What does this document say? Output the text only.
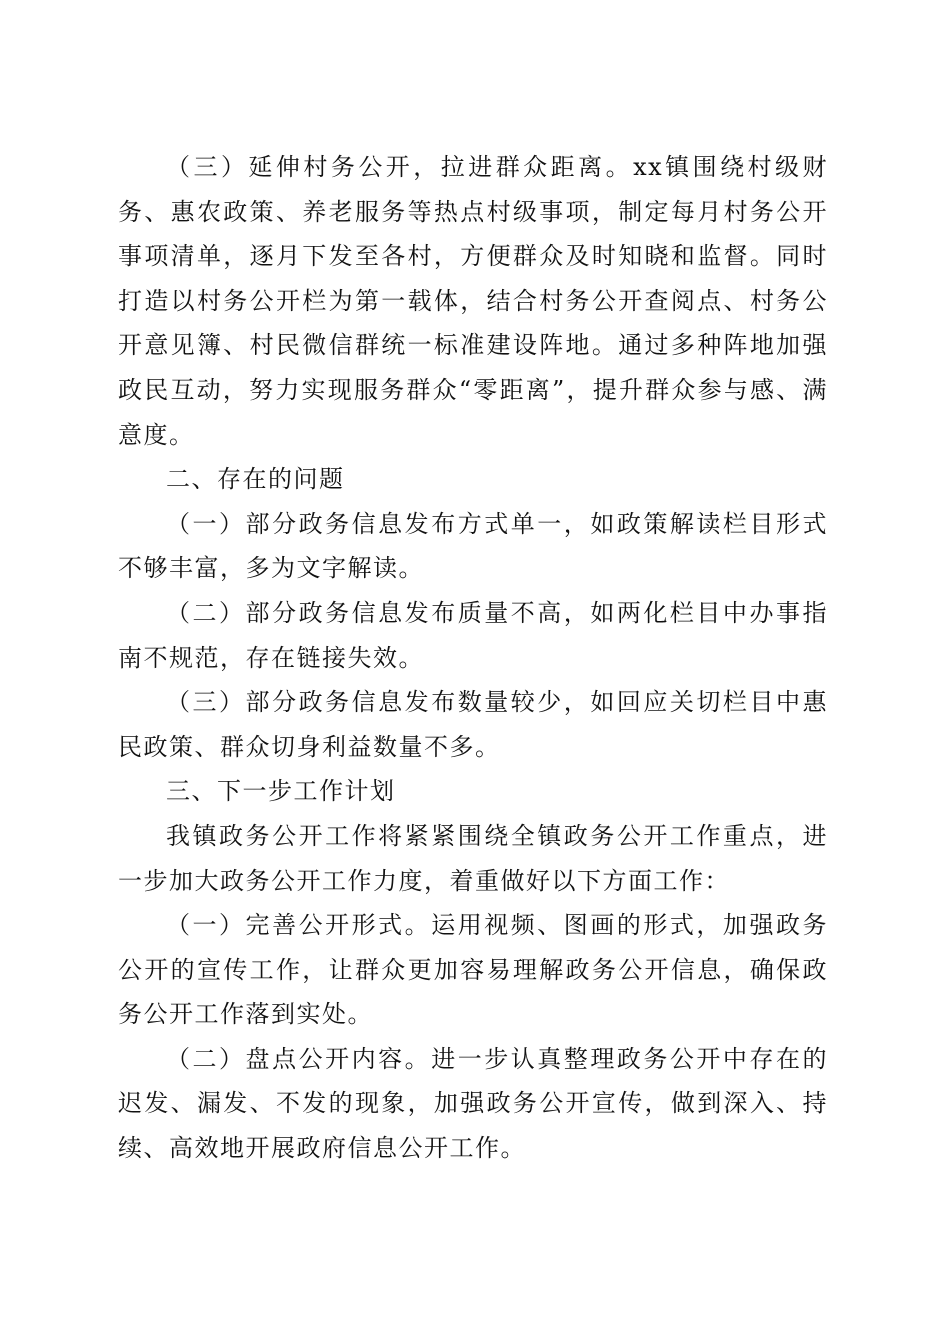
（三）延伸村务公开，拉进群众距离。xx镇围绕村级财务、惠农政策、养老服务等热点村级事项，制定每月村务公开事项清单，逐月下发至各村，方便群众及时知晓和监督。同时打造以村务公开栏为第一载体，结合村务公开查阅点、村务公开意见簿、村民微信群统一标准建设阵地。通过多种阵地加强政民互动，努力实现服务群众“零距离”，提升群众参与感、满意度。

二、存在的问题

（一）部分政务信息发布方式单一，如政策解读栏目形式不够丰富，多为文字解读。

（二）部分政务信息发布质量不高，如两化栏目中办事指南不规范，存在链接失效。

（三）部分政务信息发布数量较少，如回应关切栏目中惠民政策、群众切身利益数量不多。

三、下一步工作计划

我镇政务公开工作将紧紧围绕全镇政务公开工作重点，进一步加大政务公开工作力度，着重做好以下方面工作：

（一）完善公开形式。运用视频、图画的形式，加强政务公开的宣传工作，让群众更加容易理解政务公开信息，确保政务公开工作落到实处。

（二）盘点公开内容。进一步认真整理政务公开中存在的迟发、漏发、不发的现象，加强政务公开宣传，做到深入、持续、高效地开展政府信息公开工作。
